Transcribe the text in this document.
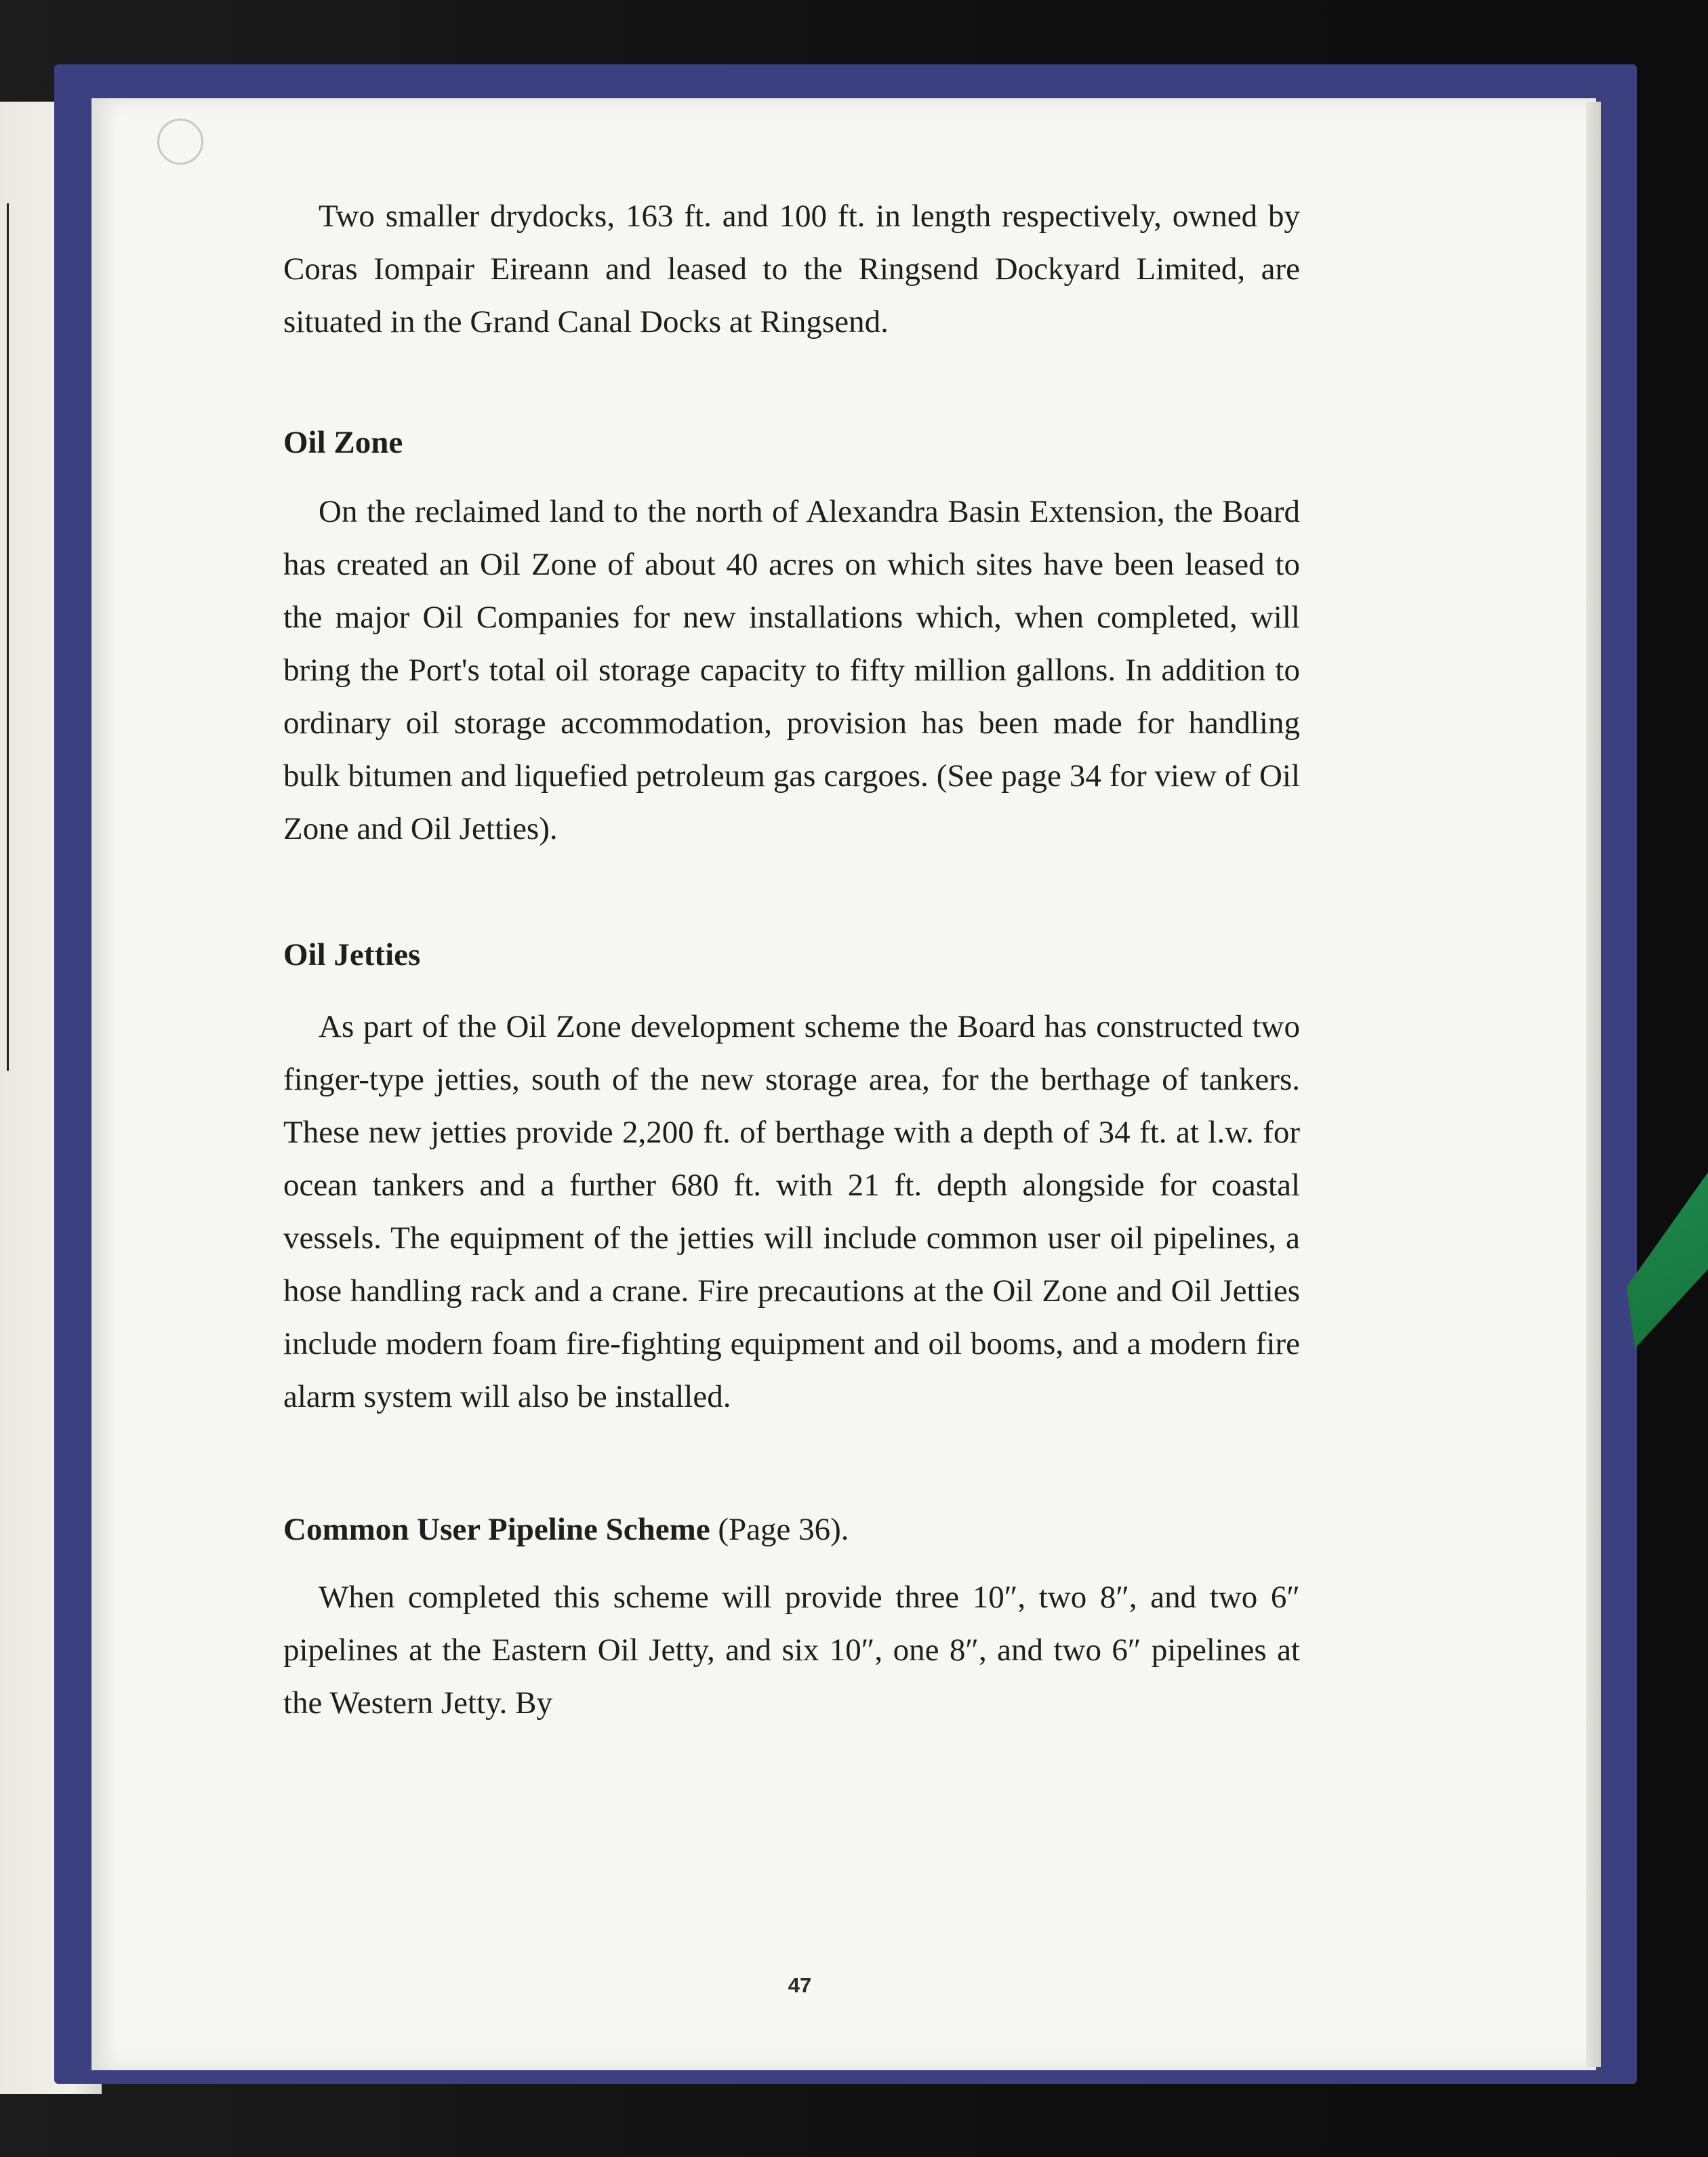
Two smaller drydocks, 163 ft. and 100 ft. in length respectively, owned by Coras Iompair Eireann and leased to the Ringsend Dockyard Limited, are situated in the Grand Canal Docks at Ringsend.

Oil Zone

On the reclaimed land to the north of Alexandra Basin Extension, the Board has created an Oil Zone of about 40 acres on which sites have been leased to the major Oil Companies for new installations which, when completed, will bring the Port's total oil storage capacity to fifty million gallons. In addition to ordinary oil storage accommodation, provision has been made for handling bulk bitumen and liquefied petroleum gas cargoes. (See page 34 for view of Oil Zone and Oil Jetties).

Oil Jetties

As part of the Oil Zone development scheme the Board has constructed two finger-type jetties, south of the new storage area, for the berthage of tankers. These new jetties provide 2,200 ft. of berthage with a depth of 34 ft. at l.w. for ocean tankers and a further 680 ft. with 21 ft. depth alongside for coastal vessels. The equipment of the jetties will include common user oil pipelines, a hose handling rack and a crane. Fire precautions at the Oil Zone and Oil Jetties include modern foam fire-fighting equipment and oil booms, and a modern fire alarm system will also be installed.

Common User Pipeline Scheme (Page 36).

When completed this scheme will provide three 10″, two 8″, and two 6″ pipelines at the Eastern Oil Jetty, and six 10″, one 8″, and two 6″ pipelines at the Western Jetty. By

47
